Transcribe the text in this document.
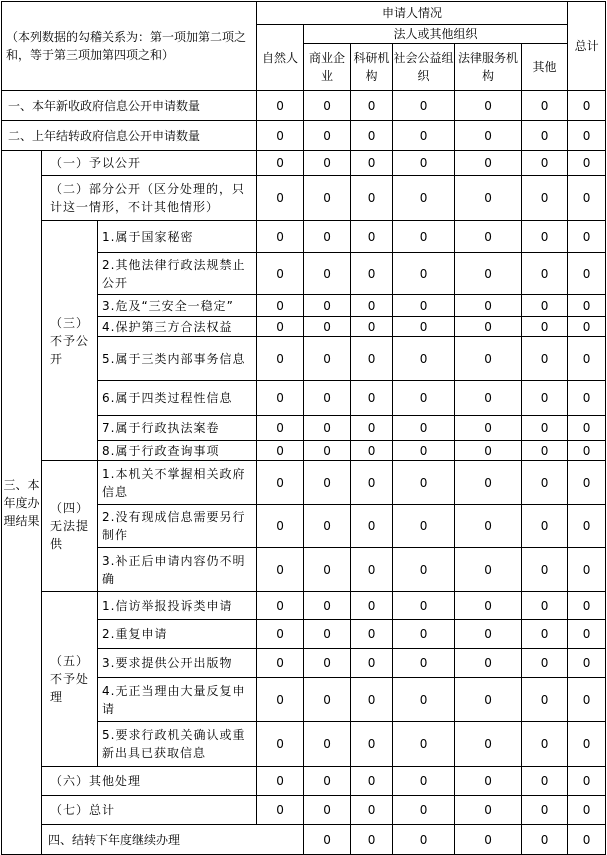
（本列数据的勾稽关系为：第一项加第二项之和，等于第三项加第四项之和）			申请人情况						总计	
			自然人	法人或其他组织						
				商业企业	科研机构	社会公益组织	法律服务机构	其他		
一、本年新收政府信息公开申请数量			0	0	0	0	0	0	0	
二、上年结转政府信息公开申请数量			0	0	0	0	0	0	0	
三、本年度办理结果	（一）予以公开		0	0	0	0	0	0	0	
	（二）部分公开（区分处理的，只计这一情形，不计其他情形）		0	0	0	0	0	0	0	
	（三）不予公开	1.属于国家秘密	0	0	0	0	0	0	0	
		2.其他法律行政法规禁止公开	0	0	0	0	0	0	0	
		3.危及“三安全一稳定”	0	0	0	0	0	0	0	
		4.保护第三方合法权益	0	0	0	0	0	0	0	
		5.属于三类内部事务信息	0	0	0	0	0	0	0	
		6.属于四类过程性信息	0	0	0	0	0	0	0	
		7.属于行政执法案卷	0	0	0	0	0	0	0	
		8.属于行政查询事项	0	0	0	0	0	0	0	
	（四）无法提供	1.本机关不掌握相关政府信息	0	0	0	0	0	0	0	
		2.没有现成信息需要另行制作	0	0	0	0	0	0	0	
		3.补正后申请内容仍不明确	0	0	0	0	0	0	0	
	（五）不予处理	1.信访举报投诉类申请	0	0	0	0	0	0	0	
		2.重复申请	0	0	0	0	0	0	0	
		3.要求提供公开出版物	0	0	0	0	0	0	0	
		4.无正当理由大量反复申请	0	0	0	0	0	0	0	
		5.要求行政机关确认或重新出具已获取信息	0	0	0	0	0	0	0	
	（六）其他处理		0	0	0	0	0	0	0	
	（七）总计		0	0	0	0	0	0	0	
	四、结转下年度继续办理			0	0	0	0	0	0	
